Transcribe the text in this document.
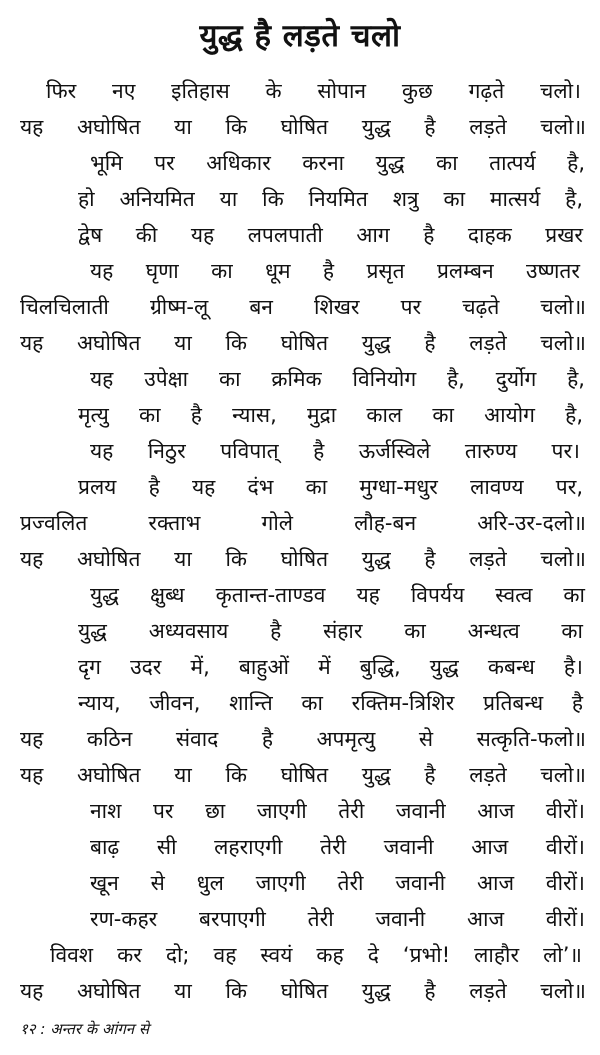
युद्ध है लड़ते चलो
फिर नए इतिहास के सोपान कुछ गढ़ते चलो।
यह अघोषित या कि घोषित युद्ध है लड़ते चलो॥
भूमि पर अधिकार करना युद्ध का तात्पर्य है,
हो अनियमित या कि नियमित शत्रु का मात्सर्य है,
द्वेष की यह लपलपाती आग है दाहक प्रखर
यह घृणा का धूम है प्रसृत प्रलम्बन उष्णतर
चिलचिलाती ग्रीष्म-लू बन शिखर पर चढ़ते चलो॥
यह अघोषित या कि घोषित युद्ध है लड़ते चलो॥
यह उपेक्षा का क्रमिक विनियोग है, दुर्योग है,
मृत्यु का है न्यास, मुद्रा काल का आयोग है,
यह निठुर पविपात् है ऊर्जस्विले तारुण्य पर।
प्रलय है यह दंभ का मुग्धा-मधुर लावण्य पर,
प्रज्वलित रक्ताभ गोले लौह-बन अरि-उर-दलो॥
यह अघोषित या कि घोषित युद्ध है लड़ते चलो॥
युद्ध क्षुब्ध कृतान्त-ताण्डव यह विपर्यय स्वत्व का
युद्ध अध्यवसाय है संहार का अन्धत्व का
दृग उदर में, बाहुओं में बुद्धि, युद्ध कबन्ध है।
न्याय, जीवन, शान्ति का रक्तिम-त्रिशिर प्रतिबन्ध है
यह कठिन संवाद है अपमृत्यु से सत्कृति-फलो॥
यह अघोषित या कि घोषित युद्ध है लड़ते चलो॥
नाश पर छा जाएगी तेरी जवानी आज वीरों।
बाढ़ सी लहराएगी तेरी जवानी आज वीरों।
खून से धुल जाएगी तेरी जवानी आज वीरों।
रण-कहर बरपाएगी तेरी जवानी आज वीरों।
विवश कर दो; वह स्वयं कह दे ‘प्रभो! लाहौर लो’॥
यह अघोषित या कि घोषित युद्ध है लड़ते चलो॥
१२ : अन्तर के आंगन से
